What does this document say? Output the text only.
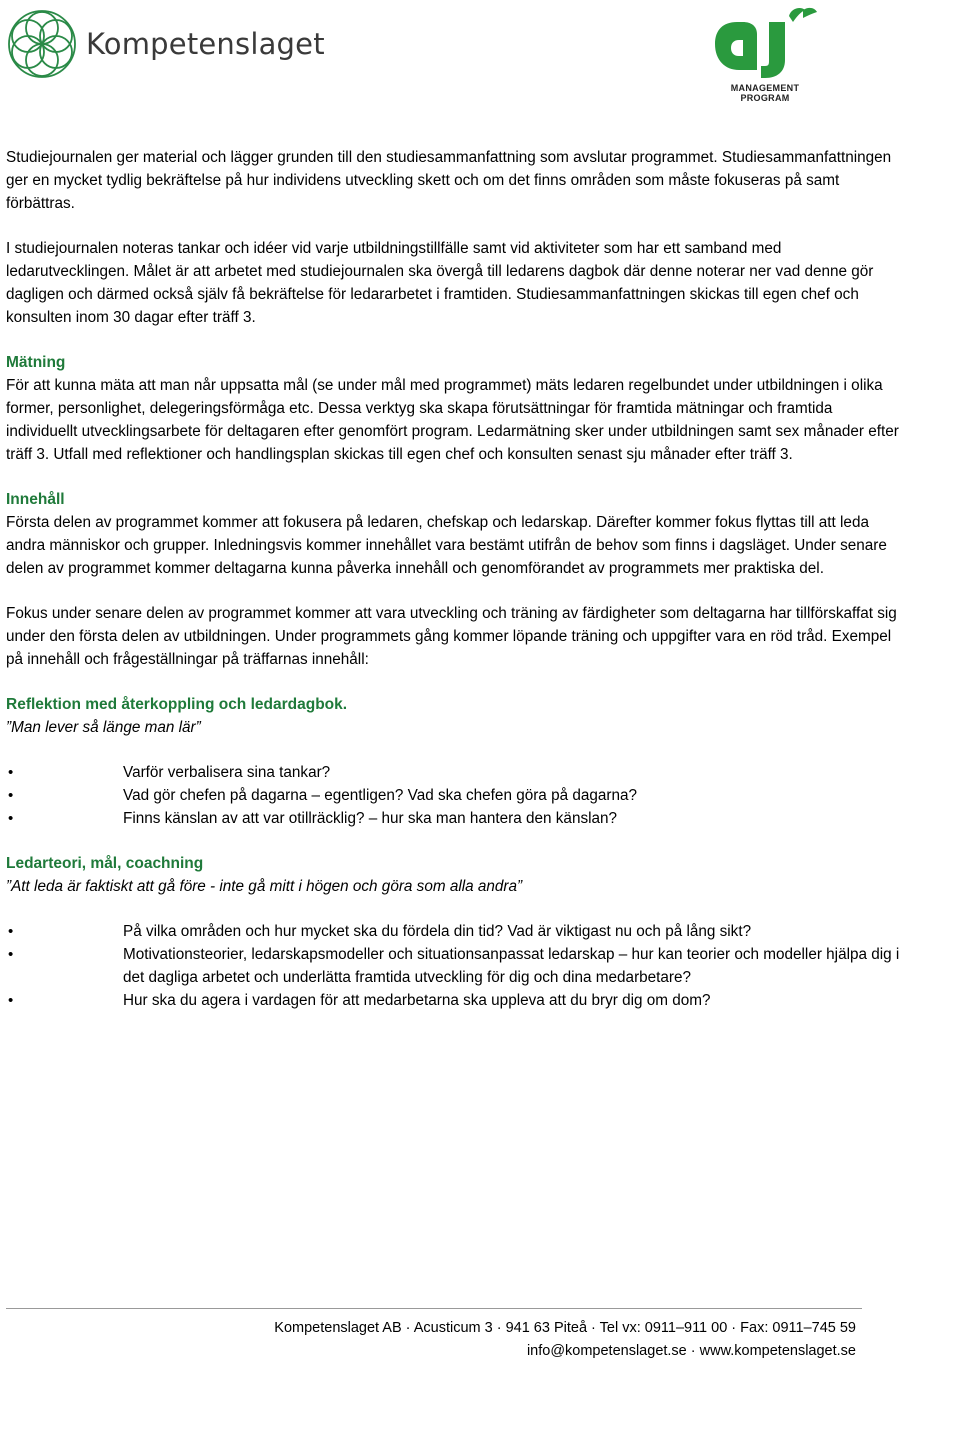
Kompetenslaget
MANAGEMENT PROGRAM

Studiejournalen ger material och lägger grunden till den studiesammanfattning som avslutar programmet. Studiesammanfattningen ger en mycket tydlig bekräftelse på hur individens utveckling skett och om det finns områden som måste fokuseras på samt förbättras.

I studiejournalen noteras tankar och idéer vid varje utbildningstillfälle samt vid aktiviteter som har ett samband med ledarutvecklingen. Målet är att arbetet med studiejournalen ska övergå till ledarens dagbok där denne noterar ner vad denne gör dagligen och därmed också själv få bekräftelse för ledararbetet i framtiden. Studiesammanfattningen skickas till egen chef och konsulten inom 30 dagar efter träff 3.

Mätning

För att kunna mäta att man når uppsatta mål (se under mål med programmet) mäts ledaren regelbundet under utbildningen i olika former, personlighet, delegeringsförmåga etc. Dessa verktyg ska skapa förutsättningar för framtida mätningar och framtida individuellt utvecklingsarbete för deltagaren efter genomfört program. Ledarmätning sker under utbildningen samt sex månader efter träff 3. Utfall med reflektioner och handlingsplan skickas till egen chef och konsulten senast sju månader efter träff 3.

Innehåll

Första delen av programmet kommer att fokusera på ledaren, chefskap och ledarskap. Därefter kommer fokus flyttas till att leda andra människor och grupper. Inledningsvis kommer innehållet vara bestämt utifrån de behov som finns i dagsläget. Under senare delen av programmet kommer deltagarna kunna påverka innehåll och genomförandet av programmets mer praktiska del.

Fokus under senare delen av programmet kommer att vara utveckling och träning av färdigheter som deltagarna har tillförskaffat sig under den första delen av utbildningen. Under programmets gång kommer löpande träning och uppgifter vara en röd tråd. Exempel på innehåll och frågeställningar på träffarnas innehåll:

Reflektion med återkoppling och ledardagbok.

”Man lever så länge man lär”

• Varför verbalisera sina tankar?
• Vad gör chefen på dagarna – egentligen? Vad ska chefen göra på dagarna?
• Finns känslan av att var otillräcklig? – hur ska man hantera den känslan?
Ledarteori, mål, coachning

”Att leda är faktiskt att gå före - inte gå mitt i högen och göra som alla andra”

• På vilka områden och hur mycket ska du fördela din tid? Vad är viktigast nu och på lång sikt?
• Motivationsteorier, ledarskapsmodeller och situationsanpassat ledarskap – hur kan teorier och modeller hjälpa dig i det dagliga arbetet och underlätta framtida utveckling för dig och dina medarbetare?
• Hur ska du agera i vardagen för att medarbetarna ska uppleva att du bryr dig om dom?
Kompetenslaget AB · Acusticum 3 · 941 63 Piteå · Tel vx: 0911–911 00 · Fax: 0911–745 59
info@kompetenslaget.se · www.kompetenslaget.se
